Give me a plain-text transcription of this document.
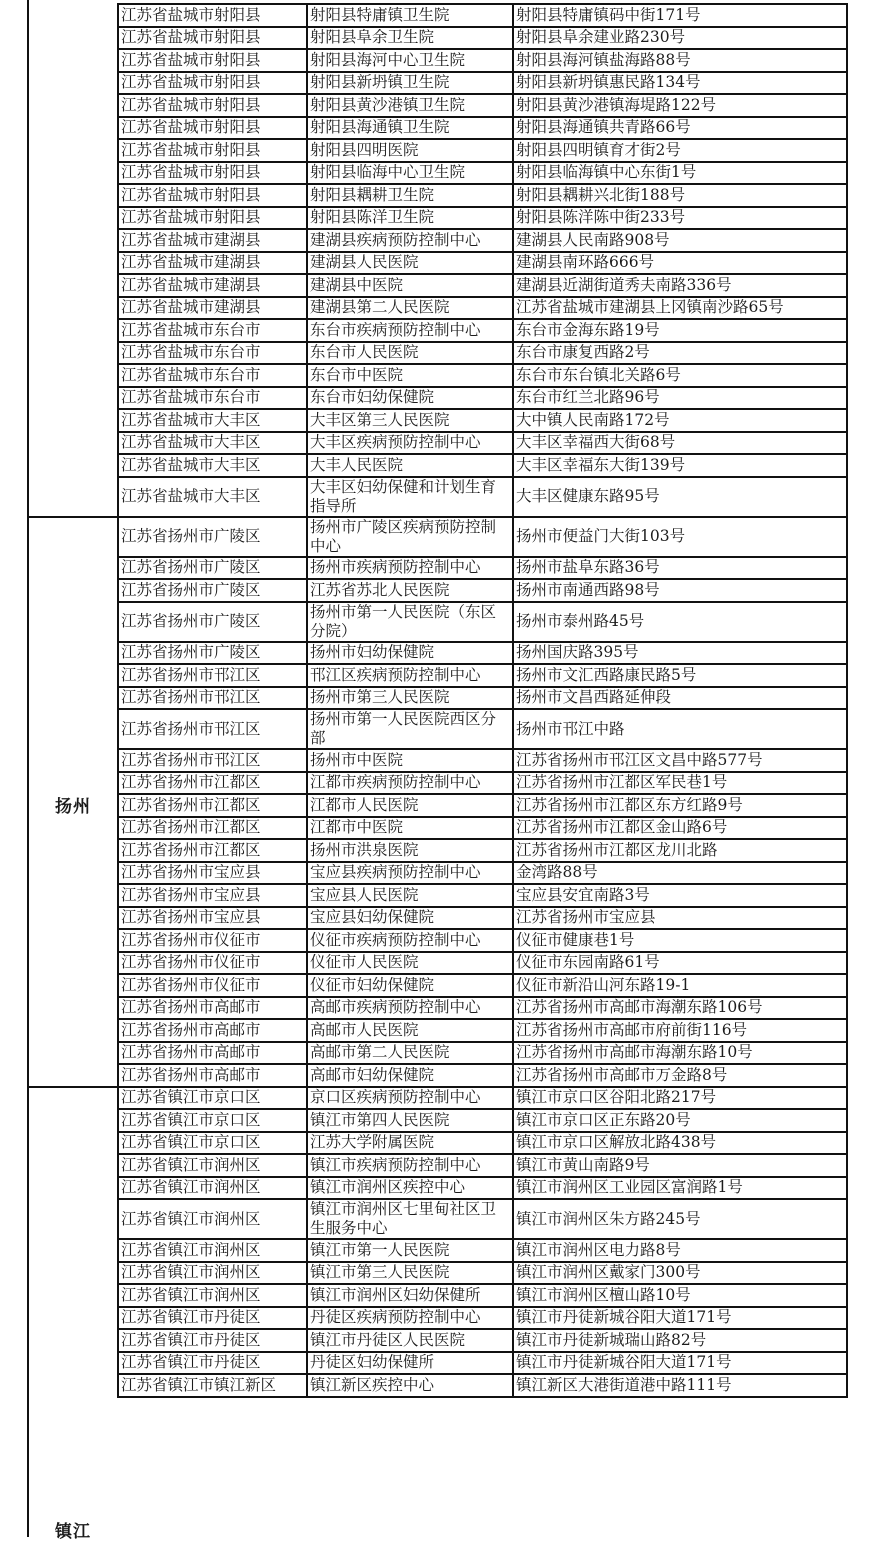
扬州
镇江
江苏省盐城市射阳县	射阳县特庸镇卫生院	射阳县特庸镇码中街171号
江苏省盐城市射阳县	射阳县阜余卫生院	射阳县阜余建业路230号
江苏省盐城市射阳县	射阳县海河中心卫生院	射阳县海河镇盐海路88号
江苏省盐城市射阳县	射阳县新坍镇卫生院	射阳县新坍镇惠民路134号
江苏省盐城市射阳县	射阳县黄沙港镇卫生院	射阳县黄沙港镇海堤路122号
江苏省盐城市射阳县	射阳县海通镇卫生院	射阳县海通镇共青路66号
江苏省盐城市射阳县	射阳县四明医院	射阳县四明镇育才街2号
江苏省盐城市射阳县	射阳县临海中心卫生院	射阳县临海镇中心东街1号
江苏省盐城市射阳县	射阳县耦耕卫生院	射阳县耦耕兴北街188号
江苏省盐城市射阳县	射阳县陈洋卫生院	射阳县陈洋陈中街233号
江苏省盐城市建湖县	建湖县疾病预防控制中心	建湖县人民南路908号
江苏省盐城市建湖县	建湖县人民医院	建湖县南环路666号
江苏省盐城市建湖县	建湖县中医院	建湖县近湖街道秀夫南路336号
江苏省盐城市建湖县	建湖县第二人民医院	江苏省盐城市建湖县上冈镇南沙路65号
江苏省盐城市东台市	东台市疾病预防控制中心	东台市金海东路19号
江苏省盐城市东台市	东台市人民医院	东台市康复西路2号
江苏省盐城市东台市	东台市中医院	东台市东台镇北关路6号
江苏省盐城市东台市	东台市妇幼保健院	东台市红兰北路96号
江苏省盐城市大丰区	大丰区第三人民医院	大中镇人民南路172号
江苏省盐城市大丰区	大丰区疾病预防控制中心	大丰区幸福西大街68号
江苏省盐城市大丰区	大丰人民医院	大丰区幸福东大街139号
江苏省盐城市大丰区	大丰区妇幼保健和计划生育指导所	大丰区健康东路95号
江苏省扬州市广陵区	扬州市广陵区疾病预防控制中心	扬州市便益门大街103号
江苏省扬州市广陵区	扬州市疾病预防控制中心	扬州市盐阜东路36号
江苏省扬州市广陵区	江苏省苏北人民医院	扬州市南通西路98号
江苏省扬州市广陵区	扬州市第一人民医院（东区分院）	扬州市泰州路45号
江苏省扬州市广陵区	扬州市妇幼保健院	扬州国庆路395号
江苏省扬州市邗江区	邗江区疾病预防控制中心	扬州市文汇西路康民路5号
江苏省扬州市邗江区	扬州市第三人民医院	扬州市文昌西路延伸段
江苏省扬州市邗江区	扬州市第一人民医院西区分部	扬州市邗江中路
江苏省扬州市邗江区	扬州市中医院	江苏省扬州市邗江区文昌中路577号
江苏省扬州市江都区	江都市疾病预防控制中心	江苏省扬州市江都区军民巷1号
江苏省扬州市江都区	江都市人民医院	江苏省扬州市江都区东方红路9号
江苏省扬州市江都区	江都市中医院	江苏省扬州市江都区金山路6号
江苏省扬州市江都区	扬州市洪泉医院	江苏省扬州市江都区龙川北路
江苏省扬州市宝应县	宝应县疾病预防控制中心	金湾路88号
江苏省扬州市宝应县	宝应县人民医院	宝应县安宜南路3号
江苏省扬州市宝应县	宝应县妇幼保健院	江苏省扬州市宝应县
江苏省扬州市仪征市	仪征市疾病预防控制中心	仪征市健康巷1号
江苏省扬州市仪征市	仪征市人民医院	仪征市东园南路61号
江苏省扬州市仪征市	仪征市妇幼保健院	仪征市新沿山河东路19-1
江苏省扬州市高邮市	高邮市疾病预防控制中心	江苏省扬州市高邮市海潮东路106号
江苏省扬州市高邮市	高邮市人民医院	江苏省扬州市高邮市府前街116号
江苏省扬州市高邮市	高邮市第二人民医院	江苏省扬州市高邮市海潮东路10号
江苏省扬州市高邮市	高邮市妇幼保健院	江苏省扬州市高邮市万金路8号
江苏省镇江市京口区	京口区疾病预防控制中心	镇江市京口区谷阳北路217号
江苏省镇江市京口区	镇江市第四人民医院	镇江市京口区正东路20号
江苏省镇江市京口区	江苏大学附属医院	镇江市京口区解放北路438号
江苏省镇江市润州区	镇江市疾病预防控制中心	镇江市黄山南路9号
江苏省镇江市润州区	镇江市润州区疾控中心	镇江市润州区工业园区富润路1号
江苏省镇江市润州区	镇江市润州区七里甸社区卫生服务中心	镇江市润州区朱方路245号
江苏省镇江市润州区	镇江市第一人民医院	镇江市润州区电力路8号
江苏省镇江市润州区	镇江市第三人民医院	镇江市润州区戴家门300号
江苏省镇江市润州区	镇江市润州区妇幼保健所	镇江市润州区檀山路10号
江苏省镇江市丹徒区	丹徒区疾病预防控制中心	镇江市丹徒新城谷阳大道171号
江苏省镇江市丹徒区	镇江市丹徒区人民医院	镇江市丹徒新城瑞山路82号
江苏省镇江市丹徒区	丹徒区妇幼保健所	镇江市丹徒新城谷阳大道171号
江苏省镇江市镇江新区	镇江新区疾控中心	镇江新区大港街道港中路111号
